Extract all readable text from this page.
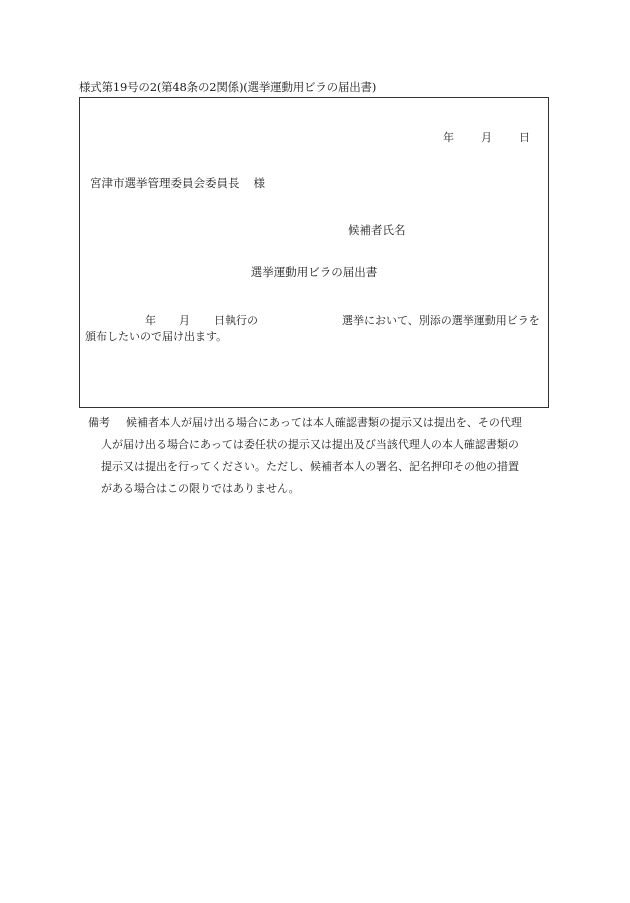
様式第19号の2(第48条の2関係)(選挙運動用ビラの届出書)
年	月	日
宮津市選挙管理委員会委員長 様
候補者氏名
選挙運動用ビラの届出書
年 月 日執行の	選挙において、別添の選挙運動用ビラを
頒布したいので届け出ます。
備考 候補者本人が届け出る場合にあっては本人確認書類の提示又は提出を、その代理
人が届け出る場合にあっては委任状の提示又は提出及び当該代理人の本人確認書類の
提示又は提出を行ってください。ただし、候補者本人の署名、記名押印その他の措置
がある場合はこの限りではありません。
